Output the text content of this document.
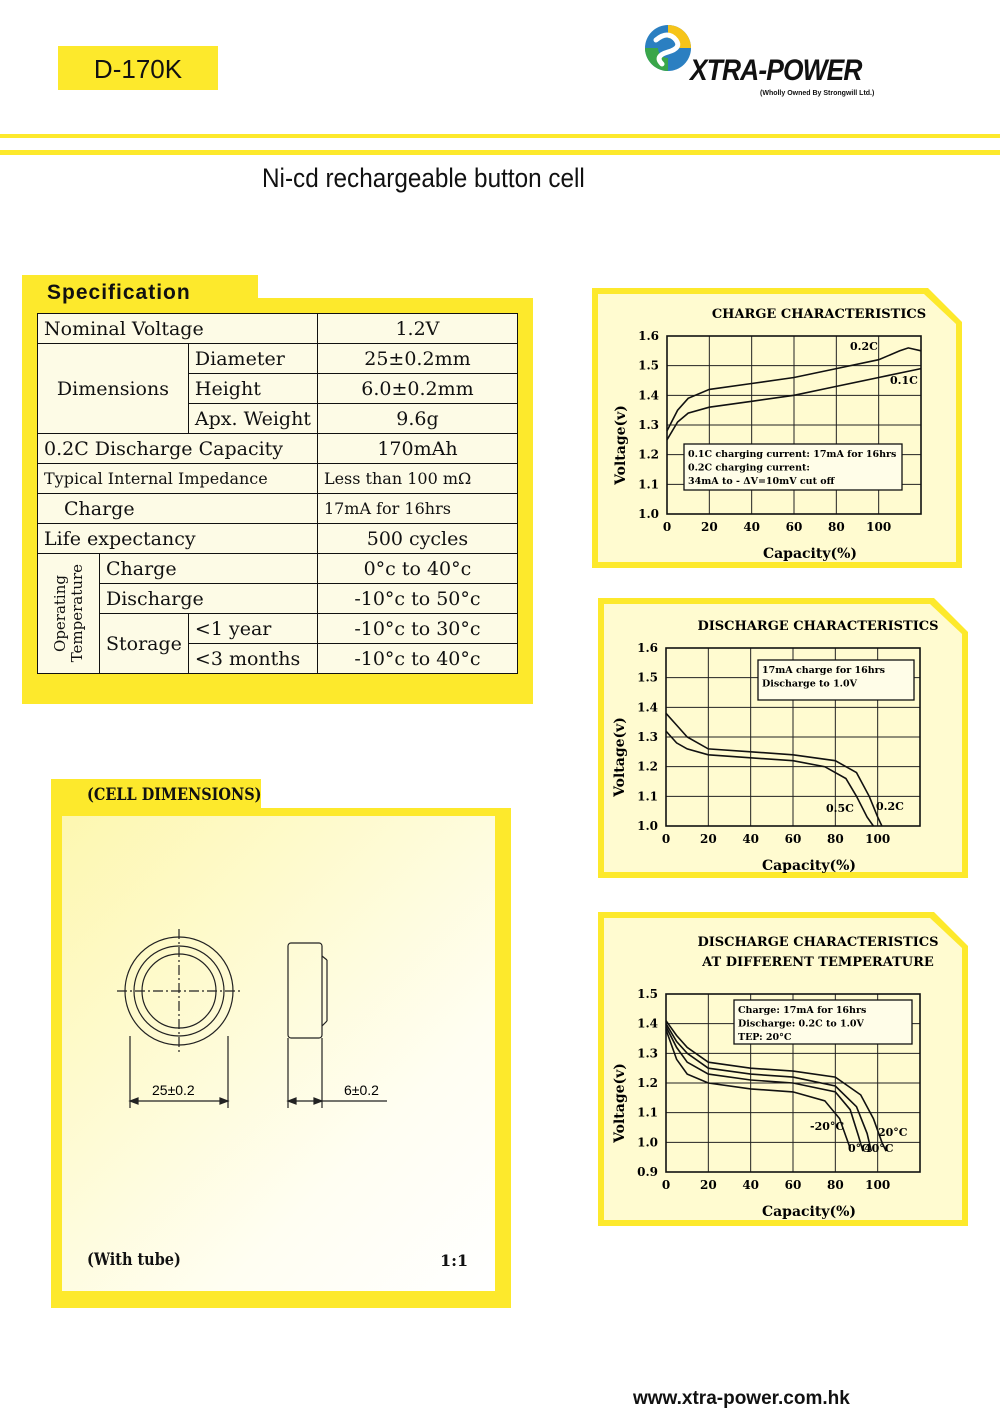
D-170K	XTRA-POWER
(Wholly Owned By Strongwill Ltd.)
Ni-cd rechargeable button cell
Specification
Nominal Voltage			1.2V
Dimensions		Diameter	25±0.2mm
		Height	6.0±0.2mm
		Apx. Weight	9.6g
0.2C Discharge Capacity			170mAh
Typical Internal Impedance			Less than 100 mΩ
Charge			17mA for 16hrs
Life expectancy			500 cycles

Operating Temperature	Charge		0°c to 40°c
	Discharge		-10°c to 50°c
	Storage	<1 year	-10°c to 30°c
		<3 months	-10°c to 40°c
(CELL DIMENSIONS)
25±0.2	6±0.2
(With tube)	1:1
CHARGE CHARACTERISTICS
0 20 40 60 80 100
1.0
1.1
1.2
1.3
1.4
1.5
1.6
Capacity(%)
Voltage(v)
0.2C
0.1C
0.1C charging current: 17mA for 16hrs
0.2C charging current:
34mA to - ΔV=10mV cut off
DISCHARGE CHARACTERISTICS
0 20 40 60 80 100
1.0
1.1
1.2
1.3
1.4
1.5
1.6
Capacity(%)
Voltage(v)
0.5C 0.2C
17mA charge for 16hrs
Discharge to 1.0V
DISCHARGE CHARACTERISTICS
AT DIFFERENT TEMPERATURE
0 20 40 60 80 100
0.9
1.0
1.1
1.2
1.3
1.4
1.5
Capacity(%)
Voltage(v)	-20°C
0°C
40°C
20°C
Charge: 17mA for 16hrs
Discharge: 0.2C to 1.0V
TEP: 20°C
www.xtra-power.com.hk
